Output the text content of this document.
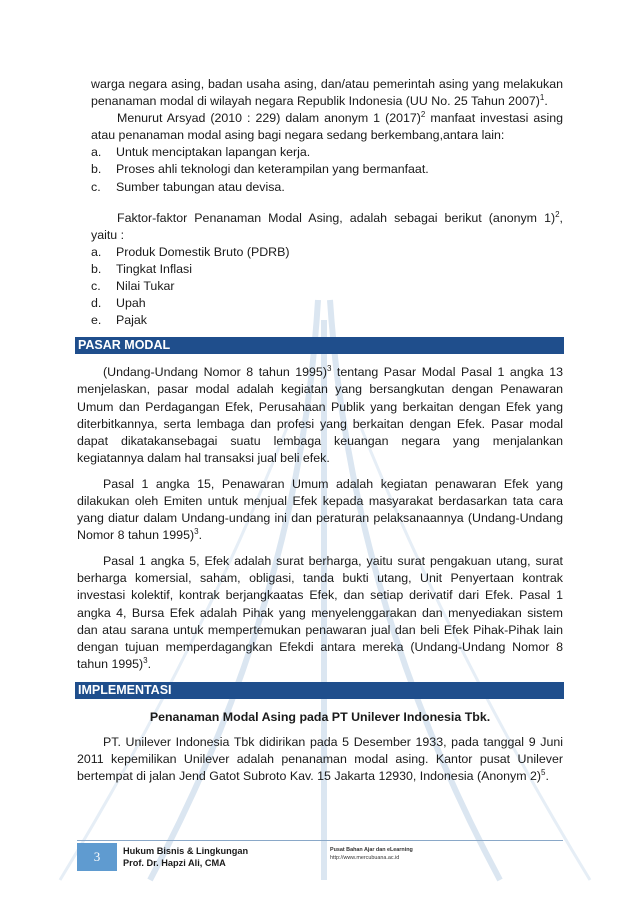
warga negara asing, badan usaha asing, dan/atau pemerintah asing yang melakukan penanaman modal di wilayah negara Republik Indonesia (UU No. 25 Tahun 2007)$^1$.
Menurut Arsyad (2010 : 229) dalam anonym 1 $(2017)^2$ manfaat investasi asing atau penanaman modal asing bagi negara sedang berkembang,antara lain:
a.	Untuk menciptakan lapangan kerja.
b.	Proses ahli teknologi dan keterampilan yang bermanfaat.
c.	Sumber tabungan atau devisa.
Faktor-faktor Penanaman Modal Asing, adalah sebagai berikut (anonym 1)$^2$, yaitu :
a.	Produk Domestik Bruto (PDRB)
b.	Tingkat Inflasi
c.	Nilai Tukar
d.	Upah
e.	Pajak
PASAR MODAL

(Undang-Undang Nomor 8 tahun 1995)$^3$ tentang Pasar Modal Pasal 1 angka 13 menjelaskan, pasar modal adalah kegiatan yang bersangkutan dengan Penawaran Umum dan Perdagangan Efek, Perusahaan Publik yang berkaitan dengan Efek yang diterbitkannya, serta lembaga dan profesi yang berkaitan dengan Efek. Pasar modal dapat dikatakansebagai suatu lembaga keuangan negara yang menjalankan kegiatannya dalam hal transaksi jual beli efek.

Pasal 1 angka 15, Penawaran Umum adalah kegiatan penawaran Efek yang dilakukan oleh Emiten untuk menjual Efek kepada masyarakat berdasarkan tata cara yang diatur dalam Undang-undang ini dan peraturan pelaksanaannya (Undang-Undang Nomor 8 tahun 1995)$^3$.

Pasal 1 angka 5, Efek adalah surat berharga, yaitu surat pengakuan utang, surat berharga komersial, saham, obligasi, tanda bukti utang, Unit Penyertaan kontrak investasi kolektif, kontrak berjangkaatas Efek, dan setiap derivatif dari Efek. Pasal 1 angka 4, Bursa Efek adalah Pihak yang menyelenggarakan dan menyediakan sistem dan atau sarana untuk mempertemukan penawaran jual dan beli Efek Pihak-Pihak lain dengan tujuan memperdagangkan Efekdi antara mereka (Undang-Undang Nomor 8 tahun 1995)$^3$.

IMPLEMENTASI

Penanaman Modal Asing pada PT Unilever Indonesia Tbk.

PT. Unilever Indonesia Tbk didirikan pada 5 Desember 1933, pada tanggal 9 Juni 2011 kepemilikan Unilever adalah penanaman modal asing. Kantor pusat Unilever bertempat di jalan Jend Gatot Subroto Kav. 15 Jakarta 12930, Indonesia (Anonym 2)$^5$.

3	Hukum Bisnis & Lingkungan
Prof. Dr. Hapzi Ali, CMA
Pusat Bahan Ajar dan eLearning
http://www.mercubuana.ac.id
